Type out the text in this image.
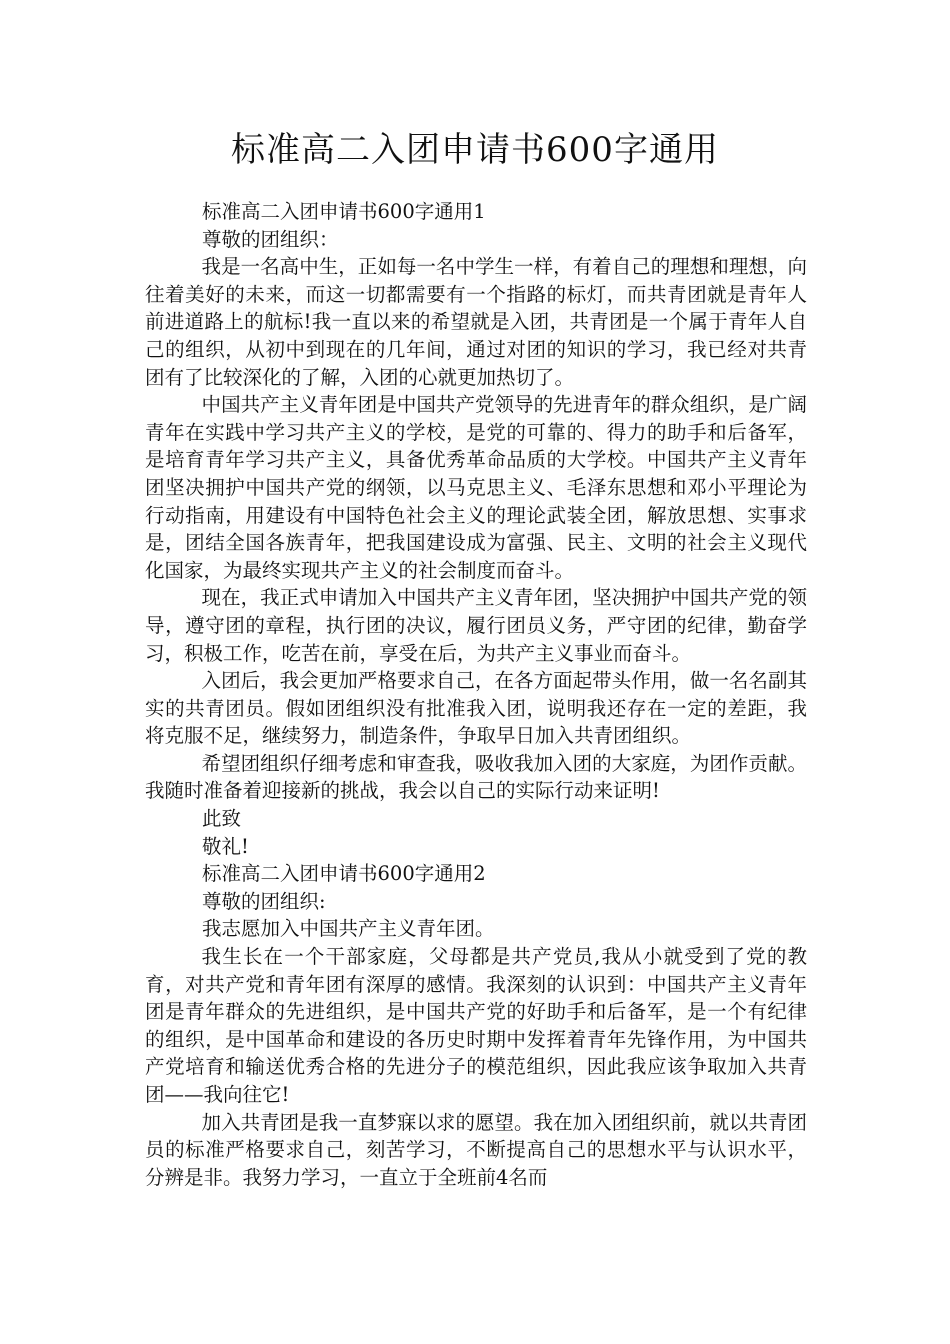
标准高二入团申请书600字通用

标准高二入团申请书600字通用1

尊敬的团组织：

我是一名高中生，正如每一名中学生一样，有着自己的理想和理想，向往着美好的未来，而这一切都需要有一个指路的标灯，而共青团就是青年人前进道路上的航标!我一直以来的希望就是入团，共青团是一个属于青年人自己的组织，从初中到现在的几年间，通过对团的知识的学习，我已经对共青团有了比较深化的了解，入团的心就更加热切了。

中国共产主义青年团是中国共产党领导的先进青年的群众组织，是广阔青年在实践中学习共产主义的学校，是党的可靠的、得力的助手和后备军，是培育青年学习共产主义，具备优秀革命品质的大学校。中国共产主义青年团坚决拥护中国共产党的纲领，以马克思主义、毛泽东思想和邓小平理论为行动指南，用建设有中国特色社会主义的理论武装全团，解放思想、实事求是，团结全国各族青年，把我国建设成为富强、民主、文明的社会主义现代化国家，为最终实现共产主义的社会制度而奋斗。

现在，我正式申请加入中国共产主义青年团，坚决拥护中国共产党的领导，遵守团的章程，执行团的决议，履行团员义务，严守团的纪律，勤奋学习，积极工作，吃苦在前，享受在后，为共产主义事业而奋斗。

入团后，我会更加严格要求自己，在各方面起带头作用，做一名名副其实的共青团员。假如团组织没有批准我入团，说明我还存在一定的差距，我将克服不足，继续努力，制造条件，争取早日加入共青团组织。

希望团组织仔细考虑和审查我，吸收我加入团的大家庭，为团作贡献。我随时准备着迎接新的挑战，我会以自己的实际行动来证明!

此致

敬礼!

标准高二入团申请书600字通用2

尊敬的团组织:

我志愿加入中国共产主义青年团。

我生长在一个干部家庭，父母都是共产党员,我从小就受到了党的教育，对共产党和青年团有深厚的感情。我深刻的认识到：中国共产主义青年团是青年群众的先进组织，是中国共产党的好助手和后备军，是一个有纪律的组织，是中国革命和建设的各历史时期中发挥着青年先锋作用，为中国共产党培育和输送优秀合格的先进分子的模范组织，因此我应该争取加入共青团——我向往它!

加入共青团是我一直梦寐以求的愿望。我在加入团组织前，就以共青团员的标准严格要求自己，刻苦学习，不断提高自己的思想水平与认识水平，分辨是非。我努力学习，一直立于全班前4名而
